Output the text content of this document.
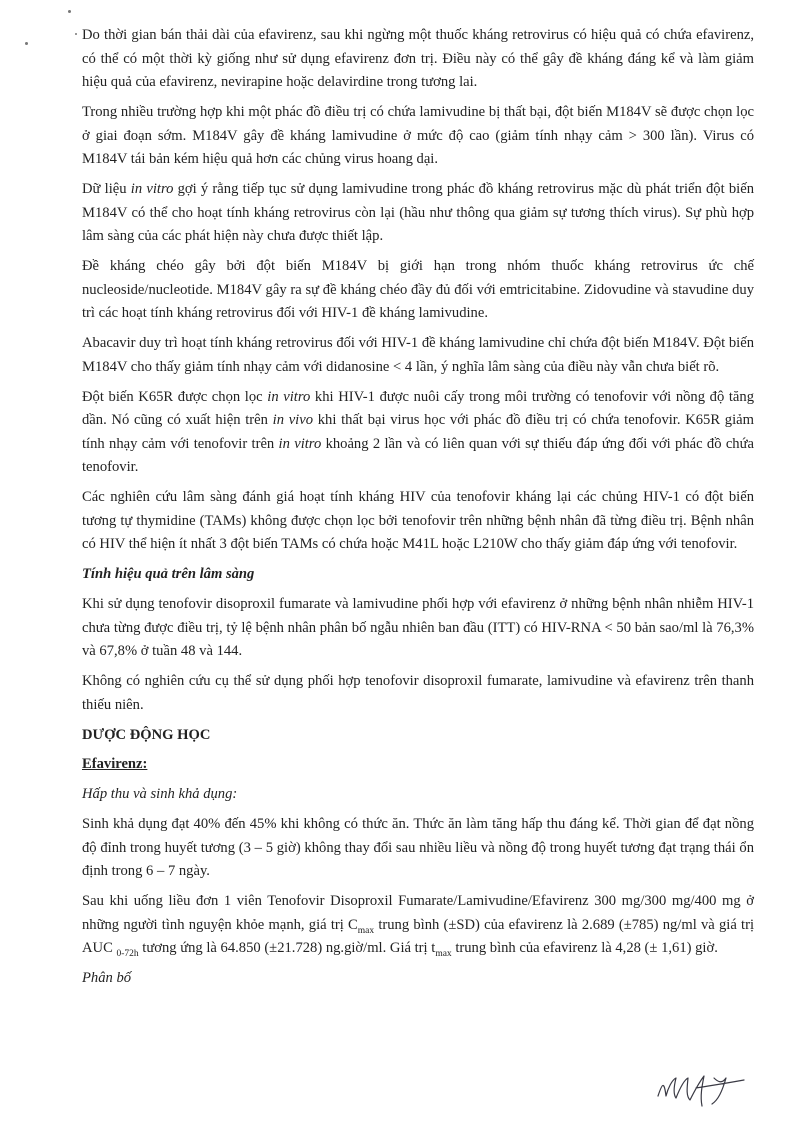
Do thời gian bán thải dài của efavirenz, sau khi ngừng một thuốc kháng retrovirus có hiệu quả có chứa efavirenz, có thể có một thời kỳ giống như sử dụng efavirenz đơn trị. Điều này có thể gây đề kháng đáng kể và làm giảm hiệu quả của efavirenz, nevirapine hoặc delavirdine trong tương lai.

Trong nhiều trường hợp khi một phác đồ điều trị có chứa lamivudine bị thất bại, đột biến M184V sẽ được chọn lọc ở giai đoạn sớm. M184V gây đề kháng lamivudine ở mức độ cao (giảm tính nhạy cảm > 300 lần). Virus có M184V tái bản kém hiệu quả hơn các chủng virus hoang dại.

Dữ liệu in vitro gợi ý rằng tiếp tục sử dụng lamivudine trong phác đồ kháng retrovirus mặc dù phát triển đột biến M184V có thể cho hoạt tính kháng retrovirus còn lại (hầu như thông qua giảm sự tương thích virus). Sự phù hợp lâm sàng của các phát hiện này chưa được thiết lập.

Đề kháng chéo gây bởi đột biến M184V bị giới hạn trong nhóm thuốc kháng retrovirus ức chế nucleoside/nucleotide. M184V gây ra sự đề kháng chéo đầy đủ đối với emtricitabine. Zidovudine và stavudine duy trì các hoạt tính kháng retrovirus đối với HIV-1 đề kháng lamivudine.

Abacavir duy trì hoạt tính kháng retrovirus đối với HIV-1 đề kháng lamivudine chỉ chứa đột biến M184V. Đột biến M184V cho thấy giảm tính nhạy cảm với didanosine < 4 lần, ý nghĩa lâm sàng của điều này vẫn chưa biết rõ.

Đột biến K65R được chọn lọc in vitro khi HIV-1 được nuôi cấy trong môi trường có tenofovir với nồng độ tăng dần. Nó cũng có xuất hiện trên in vivo khi thất bại virus học với phác đồ điều trị có chứa tenofovir. K65R giảm tính nhạy cảm với tenofovir trên in vitro khoảng 2 lần và có liên quan với sự thiếu đáp ứng đối với phác đồ chứa tenofovir.

Các nghiên cứu lâm sàng đánh giá hoạt tính kháng HIV của tenofovir kháng lại các chủng HIV-1 có đột biến tương tự thymidine (TAMs) không được chọn lọc bởi tenofovir trên những bệnh nhân đã từng điều trị. Bệnh nhân có HIV thể hiện ít nhất 3 đột biến TAMs có chứa hoặc M41L hoặc L210W cho thấy giảm đáp ứng với tenofovir.

Tính hiệu quả trên lâm sàng

Khi sử dụng tenofovir disoproxil fumarate và lamivudine phối hợp với efavirenz ở những bệnh nhân nhiễm HIV-1 chưa từng được điều trị, tỷ lệ bệnh nhân phân bố ngẫu nhiên ban đầu (ITT) có HIV-RNA < 50 bản sao/ml là 76,3% và 67,8% ở tuần 48 và 144.

Không có nghiên cứu cụ thể sử dụng phối hợp tenofovir disoproxil fumarate, lamivudine và efavirenz trên thanh thiếu niên.

DƯỢC ĐỘNG HỌC

Efavirenz:

Hấp thu và sinh khả dụng:

Sinh khả dụng đạt 40% đến 45% khi không có thức ăn. Thức ăn làm tăng hấp thu đáng kể. Thời gian để đạt nồng độ đỉnh trong huyết tương (3 – 5 giờ) không thay đổi sau nhiều liều và nồng độ trong huyết tương đạt trạng thái ổn định trong 6 – 7 ngày.

Sau khi uống liều đơn 1 viên Tenofovir Disoproxil Fumarate/Lamivudine/Efavirenz 300 mg/300 mg/400 mg ở những người tình nguyện khỏe mạnh, giá trị $C_{max}$ trung bình (±SD) của efavirenz là 2.689 (±785) ng/ml và giá trị AUC $_{0-72h}$ tương ứng là 64.850 (±21.728) ng.giờ/ml. Giá trị $t_{max}$ trung bình của efavirenz là 4,28 (± 1,61) giờ.

Phân bố
